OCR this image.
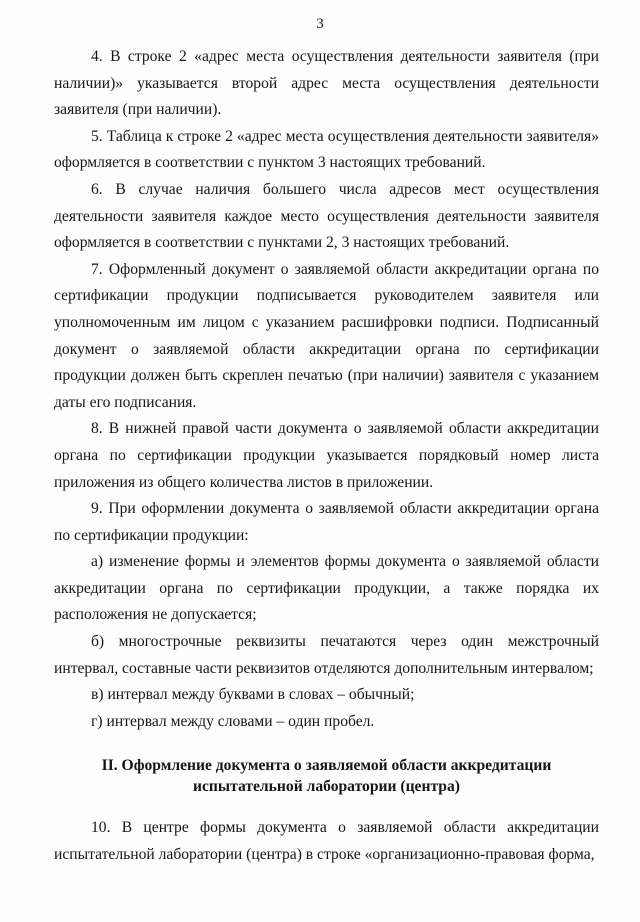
3

4. В строке 2 «адрес места осуществления деятельности заявителя (при наличии)» указывается второй адрес места осуществления деятельности заявителя (при наличии).

5. Таблица к строке 2 «адрес места осуществления деятельности заявителя» оформляется в соответствии с пунктом 3 настоящих требований.

6. В случае наличия большего числа адресов мест осуществления деятельности заявителя каждое место осуществления деятельности заявителя оформляется в соответствии с пунктами 2, 3 настоящих требований.

7. Оформленный документ о заявляемой области аккредитации органа по сертификации продукции подписывается руководителем заявителя или уполномоченным им лицом с указанием расшифровки подписи. Подписанный документ о заявляемой области аккредитации органа по сертификации продукции должен быть скреплен печатью (при наличии) заявителя с указанием даты его подписания.

8. В нижней правой части документа о заявляемой области аккредитации органа по сертификации продукции указывается порядковый номер листа приложения из общего количества листов в приложении.

9. При оформлении документа о заявляемой области аккредитации органа по сертификации продукции:

а) изменение формы и элементов формы документа о заявляемой области аккредитации органа по сертификации продукции, а также порядка их расположения не допускается;

б) многострочные реквизиты печатаются через один межстрочный интервал, составные части реквизитов отделяются дополнительным интервалом;

в) интервал между буквами в словах – обычный;

г) интервал между словами – один пробел.

II. Оформление документа о заявляемой области аккредитации
испытательной лаборатории (центра)

10. В центре формы документа о заявляемой области аккредитации испытательной лаборатории (центра) в строке «организационно-правовая форма,
